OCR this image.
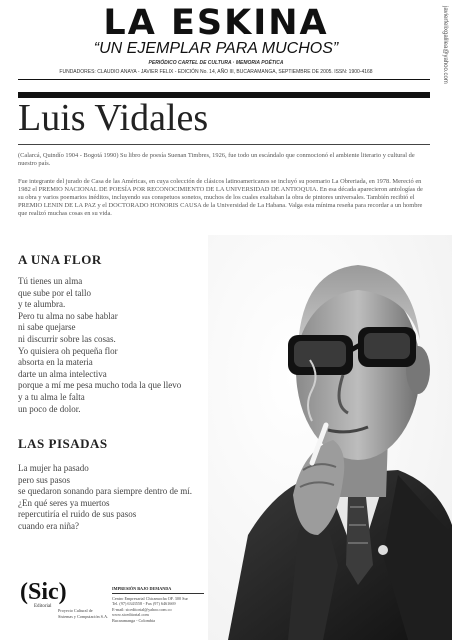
LA ESKINA
“UN EJEMPLAR PARA MUCHOS”
PERIÓDICO CARTEL DE CULTURA · MEMORIA POÉTICA
FUNDADORES: CLAUDIO ANAYA - JAVIER FELIX - EDICIÓN No. 14, AÑO III, BUCARAMANGA, SEPTIEMBRE DE 2005. ISSN: 1900-4168	javierfelixgalilea@yahoo.com
Luis Vidales
(Calarcá, Quindío 1904 - Bogotá 1990) Su libro de poesía Suenan Timbres, 1926, fue todo un escándalo que conmocionó el ambiente literario y cultural de nuestro país.
Fue integrante del jurado de Casa de las Américas, en cuya colección de clásicos latinoamericanos se incluyó su poemario La Obreriada, en 1978. Mereció en 1982 el PREMIO NACIONAL DE POESÍA POR RECONOCIMIENTO DE LA UNIVERSIDAD DE ANTIOQUIA. En esa década aparecieron antologías de su obra y varios poemarios inéditos, incluyendo sus conspetuos sonetos, muchos de los cuales exaltaban la obra de pintores universales. También recibió el PREMIO LENIN DE LA PAZ y el DOCTORADO HONORIS CAUSA de la Universidad de La Habana. Valga esta mínima reseña para recordar a un hombre que realizó muchas cosas en su vida.
A UNA FLOR
Tú tienes un alma
que sube por el tallo
y te alumbra.
Pero tu alma no sabe hablar
ni sabe quejarse
ni discurrir sobre las cosas.
Yo quisiera oh pequeña flor
absorta en la materia
darte un alma intelectiva
porque a mí me pesa mucho toda la que llevo
y a tu alma le falta
un poco de dolor.
LAS PISADAS
La mujer ha pasado
pero sus pasos
se quedaron sonando para siempre dentro de mí.
¿En qué seres ya muertos
repercutiría el ruido de sus pasos
cuando era niña?
(Sic)
Editorial
Proyecto Cultural de
Sistemas y Computación S.A.
IMPRESIÓN BAJO DEMANDA
Centro Empresarial Chicamocha OF. 300 Sur
Tel. (97) 6343558 - Fax (97) 6461669
E-mail: siceditorial@yahoo.com.co
www.siceditorial.com
Bucaramanga - Colombia
